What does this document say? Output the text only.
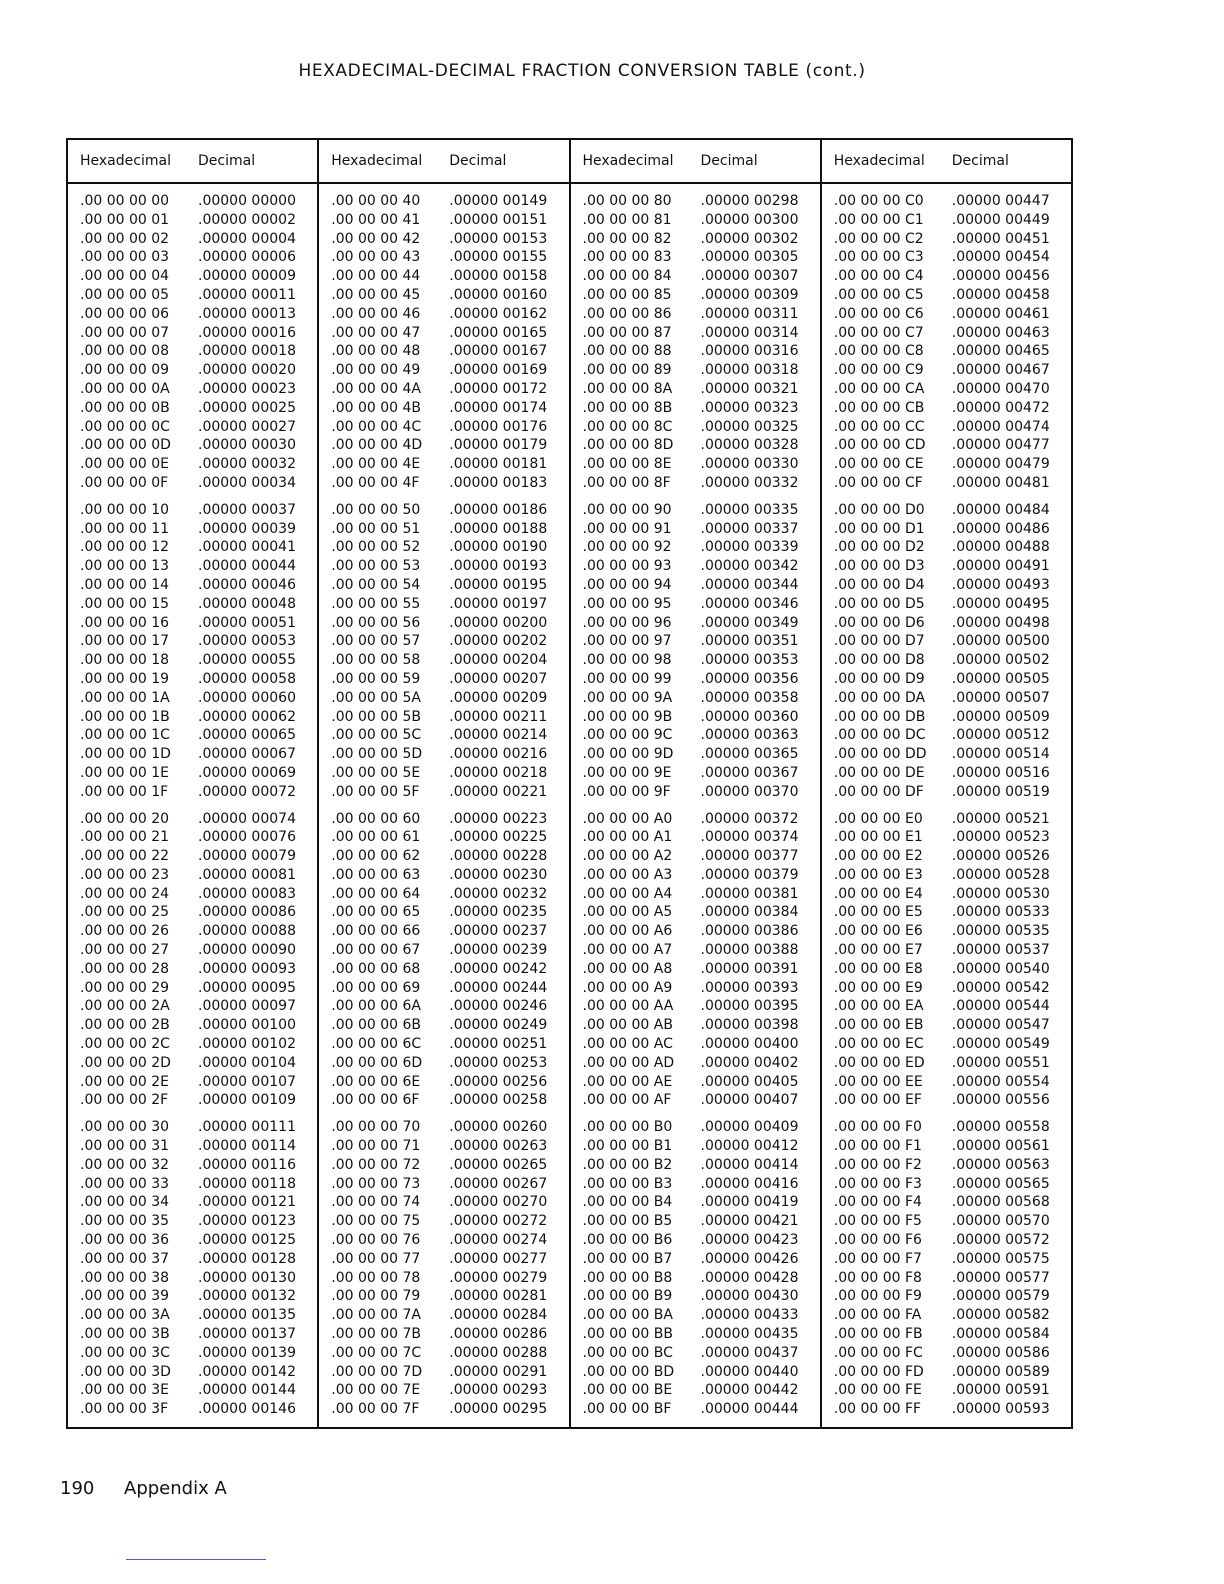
HEXADECIMAL-DECIMAL FRACTION CONVERSION TABLE (cont.)
Hexadecimal Decimal
.00 00 00 00 .00000 00000
.00 00 00 01 .00000 00002
.00 00 00 02 .00000 00004
.00 00 00 03 .00000 00006
.00 00 00 04 .00000 00009
.00 00 00 05 .00000 00011
.00 00 00 06 .00000 00013
.00 00 00 07 .00000 00016
.00 00 00 08 .00000 00018
.00 00 00 09 .00000 00020
.00 00 00 0A .00000 00023
.00 00 00 0B .00000 00025
.00 00 00 0C .00000 00027
.00 00 00 0D .00000 00030
.00 00 00 0E .00000 00032
.00 00 00 0F .00000 00034
.00 00 00 10 .00000 00037
.00 00 00 11 .00000 00039
.00 00 00 12 .00000 00041
.00 00 00 13 .00000 00044
.00 00 00 14 .00000 00046
.00 00 00 15 .00000 00048
.00 00 00 16 .00000 00051
.00 00 00 17 .00000 00053
.00 00 00 18 .00000 00055
.00 00 00 19 .00000 00058
.00 00 00 1A .00000 00060
.00 00 00 1B .00000 00062
.00 00 00 1C .00000 00065
.00 00 00 1D .00000 00067
.00 00 00 1E .00000 00069
.00 00 00 1F .00000 00072
.00 00 00 20 .00000 00074
.00 00 00 21 .00000 00076
.00 00 00 22 .00000 00079
.00 00 00 23 .00000 00081
.00 00 00 24 .00000 00083
.00 00 00 25 .00000 00086
.00 00 00 26 .00000 00088
.00 00 00 27 .00000 00090
.00 00 00 28 .00000 00093
.00 00 00 29 .00000 00095
.00 00 00 2A .00000 00097
.00 00 00 2B .00000 00100
.00 00 00 2C .00000 00102
.00 00 00 2D .00000 00104
.00 00 00 2E .00000 00107
.00 00 00 2F .00000 00109
.00 00 00 30 .00000 00111
.00 00 00 31 .00000 00114
.00 00 00 32 .00000 00116
.00 00 00 33 .00000 00118
.00 00 00 34 .00000 00121
.00 00 00 35 .00000 00123
.00 00 00 36 .00000 00125
.00 00 00 37 .00000 00128
.00 00 00 38 .00000 00130
.00 00 00 39 .00000 00132
.00 00 00 3A .00000 00135
.00 00 00 3B .00000 00137
.00 00 00 3C .00000 00139
.00 00 00 3D .00000 00142
.00 00 00 3E .00000 00144
.00 00 00 3F .00000 00146
Hexadecimal Decimal
.00 00 00 40 .00000 00149
.00 00 00 41 .00000 00151
.00 00 00 42 .00000 00153
.00 00 00 43 .00000 00155
.00 00 00 44 .00000 00158
.00 00 00 45 .00000 00160
.00 00 00 46 .00000 00162
.00 00 00 47 .00000 00165
.00 00 00 48 .00000 00167
.00 00 00 49 .00000 00169
.00 00 00 4A .00000 00172
.00 00 00 4B .00000 00174
.00 00 00 4C .00000 00176
.00 00 00 4D .00000 00179
.00 00 00 4E .00000 00181
.00 00 00 4F .00000 00183
.00 00 00 50 .00000 00186
.00 00 00 51 .00000 00188
.00 00 00 52 .00000 00190
.00 00 00 53 .00000 00193
.00 00 00 54 .00000 00195
.00 00 00 55 .00000 00197
.00 00 00 56 .00000 00200
.00 00 00 57 .00000 00202
.00 00 00 58 .00000 00204
.00 00 00 59 .00000 00207
.00 00 00 5A .00000 00209
.00 00 00 5B .00000 00211
.00 00 00 5C .00000 00214
.00 00 00 5D .00000 00216
.00 00 00 5E .00000 00218
.00 00 00 5F .00000 00221
.00 00 00 60 .00000 00223
.00 00 00 61 .00000 00225
.00 00 00 62 .00000 00228
.00 00 00 63 .00000 00230
.00 00 00 64 .00000 00232
.00 00 00 65 .00000 00235
.00 00 00 66 .00000 00237
.00 00 00 67 .00000 00239
.00 00 00 68 .00000 00242
.00 00 00 69 .00000 00244
.00 00 00 6A .00000 00246
.00 00 00 6B .00000 00249
.00 00 00 6C .00000 00251
.00 00 00 6D .00000 00253
.00 00 00 6E .00000 00256
.00 00 00 6F .00000 00258
.00 00 00 70 .00000 00260
.00 00 00 71 .00000 00263
.00 00 00 72 .00000 00265
.00 00 00 73 .00000 00267
.00 00 00 74 .00000 00270
.00 00 00 75 .00000 00272
.00 00 00 76 .00000 00274
.00 00 00 77 .00000 00277
.00 00 00 78 .00000 00279
.00 00 00 79 .00000 00281
.00 00 00 7A .00000 00284
.00 00 00 7B .00000 00286
.00 00 00 7C .00000 00288
.00 00 00 7D .00000 00291
.00 00 00 7E .00000 00293
.00 00 00 7F .00000 00295
Hexadecimal Decimal
.00 00 00 80 .00000 00298
.00 00 00 81 .00000 00300
.00 00 00 82 .00000 00302
.00 00 00 83 .00000 00305
.00 00 00 84 .00000 00307
.00 00 00 85 .00000 00309
.00 00 00 86 .00000 00311
.00 00 00 87 .00000 00314
.00 00 00 88 .00000 00316
.00 00 00 89 .00000 00318
.00 00 00 8A .00000 00321
.00 00 00 8B .00000 00323
.00 00 00 8C .00000 00325
.00 00 00 8D .00000 00328
.00 00 00 8E .00000 00330
.00 00 00 8F .00000 00332
.00 00 00 90 .00000 00335
.00 00 00 91 .00000 00337
.00 00 00 92 .00000 00339
.00 00 00 93 .00000 00342
.00 00 00 94 .00000 00344
.00 00 00 95 .00000 00346
.00 00 00 96 .00000 00349
.00 00 00 97 .00000 00351
.00 00 00 98 .00000 00353
.00 00 00 99 .00000 00356
.00 00 00 9A .00000 00358
.00 00 00 9B .00000 00360
.00 00 00 9C .00000 00363
.00 00 00 9D .00000 00365
.00 00 00 9E .00000 00367
.00 00 00 9F .00000 00370
.00 00 00 A0 .00000 00372
.00 00 00 A1 .00000 00374
.00 00 00 A2 .00000 00377
.00 00 00 A3 .00000 00379
.00 00 00 A4 .00000 00381
.00 00 00 A5 .00000 00384
.00 00 00 A6 .00000 00386
.00 00 00 A7 .00000 00388
.00 00 00 A8 .00000 00391
.00 00 00 A9 .00000 00393
.00 00 00 AA .00000 00395
.00 00 00 AB .00000 00398
.00 00 00 AC .00000 00400
.00 00 00 AD .00000 00402
.00 00 00 AE .00000 00405
.00 00 00 AF .00000 00407
.00 00 00 B0 .00000 00409
.00 00 00 B1 .00000 00412
.00 00 00 B2 .00000 00414
.00 00 00 B3 .00000 00416
.00 00 00 B4 .00000 00419
.00 00 00 B5 .00000 00421
.00 00 00 B6 .00000 00423
.00 00 00 B7 .00000 00426
.00 00 00 B8 .00000 00428
.00 00 00 B9 .00000 00430
.00 00 00 BA .00000 00433
.00 00 00 BB .00000 00435
.00 00 00 BC .00000 00437
.00 00 00 BD .00000 00440
.00 00 00 BE .00000 00442
.00 00 00 BF .00000 00444
Hexadecimal Decimal
.00 00 00 C0 .00000 00447
.00 00 00 C1 .00000 00449
.00 00 00 C2 .00000 00451
.00 00 00 C3 .00000 00454
.00 00 00 C4 .00000 00456
.00 00 00 C5 .00000 00458
.00 00 00 C6 .00000 00461
.00 00 00 C7 .00000 00463
.00 00 00 C8 .00000 00465
.00 00 00 C9 .00000 00467
.00 00 00 CA .00000 00470
.00 00 00 CB .00000 00472
.00 00 00 CC .00000 00474
.00 00 00 CD .00000 00477
.00 00 00 CE .00000 00479
.00 00 00 CF .00000 00481
.00 00 00 D0 .00000 00484
.00 00 00 D1 .00000 00486
.00 00 00 D2 .00000 00488
.00 00 00 D3 .00000 00491
.00 00 00 D4 .00000 00493
.00 00 00 D5 .00000 00495
.00 00 00 D6 .00000 00498
.00 00 00 D7 .00000 00500
.00 00 00 D8 .00000 00502
.00 00 00 D9 .00000 00505
.00 00 00 DA .00000 00507
.00 00 00 DB .00000 00509
.00 00 00 DC .00000 00512
.00 00 00 DD .00000 00514
.00 00 00 DE .00000 00516
.00 00 00 DF .00000 00519
.00 00 00 E0 .00000 00521
.00 00 00 E1 .00000 00523
.00 00 00 E2 .00000 00526
.00 00 00 E3 .00000 00528
.00 00 00 E4 .00000 00530
.00 00 00 E5 .00000 00533
.00 00 00 E6 .00000 00535
.00 00 00 E7 .00000 00537
.00 00 00 E8 .00000 00540
.00 00 00 E9 .00000 00542
.00 00 00 EA .00000 00544
.00 00 00 EB .00000 00547
.00 00 00 EC .00000 00549
.00 00 00 ED .00000 00551
.00 00 00 EE .00000 00554
.00 00 00 EF .00000 00556
.00 00 00 F0 .00000 00558
.00 00 00 F1 .00000 00561
.00 00 00 F2 .00000 00563
.00 00 00 F3 .00000 00565
.00 00 00 F4 .00000 00568
.00 00 00 F5 .00000 00570
.00 00 00 F6 .00000 00572
.00 00 00 F7 .00000 00575
.00 00 00 F8 .00000 00577
.00 00 00 F9 .00000 00579
.00 00 00 FA .00000 00582
.00 00 00 FB .00000 00584
.00 00 00 FC .00000 00586
.00 00 00 FD .00000 00589
.00 00 00 FE .00000 00591
.00 00 00 FF .00000 00593
190 Appendix A
